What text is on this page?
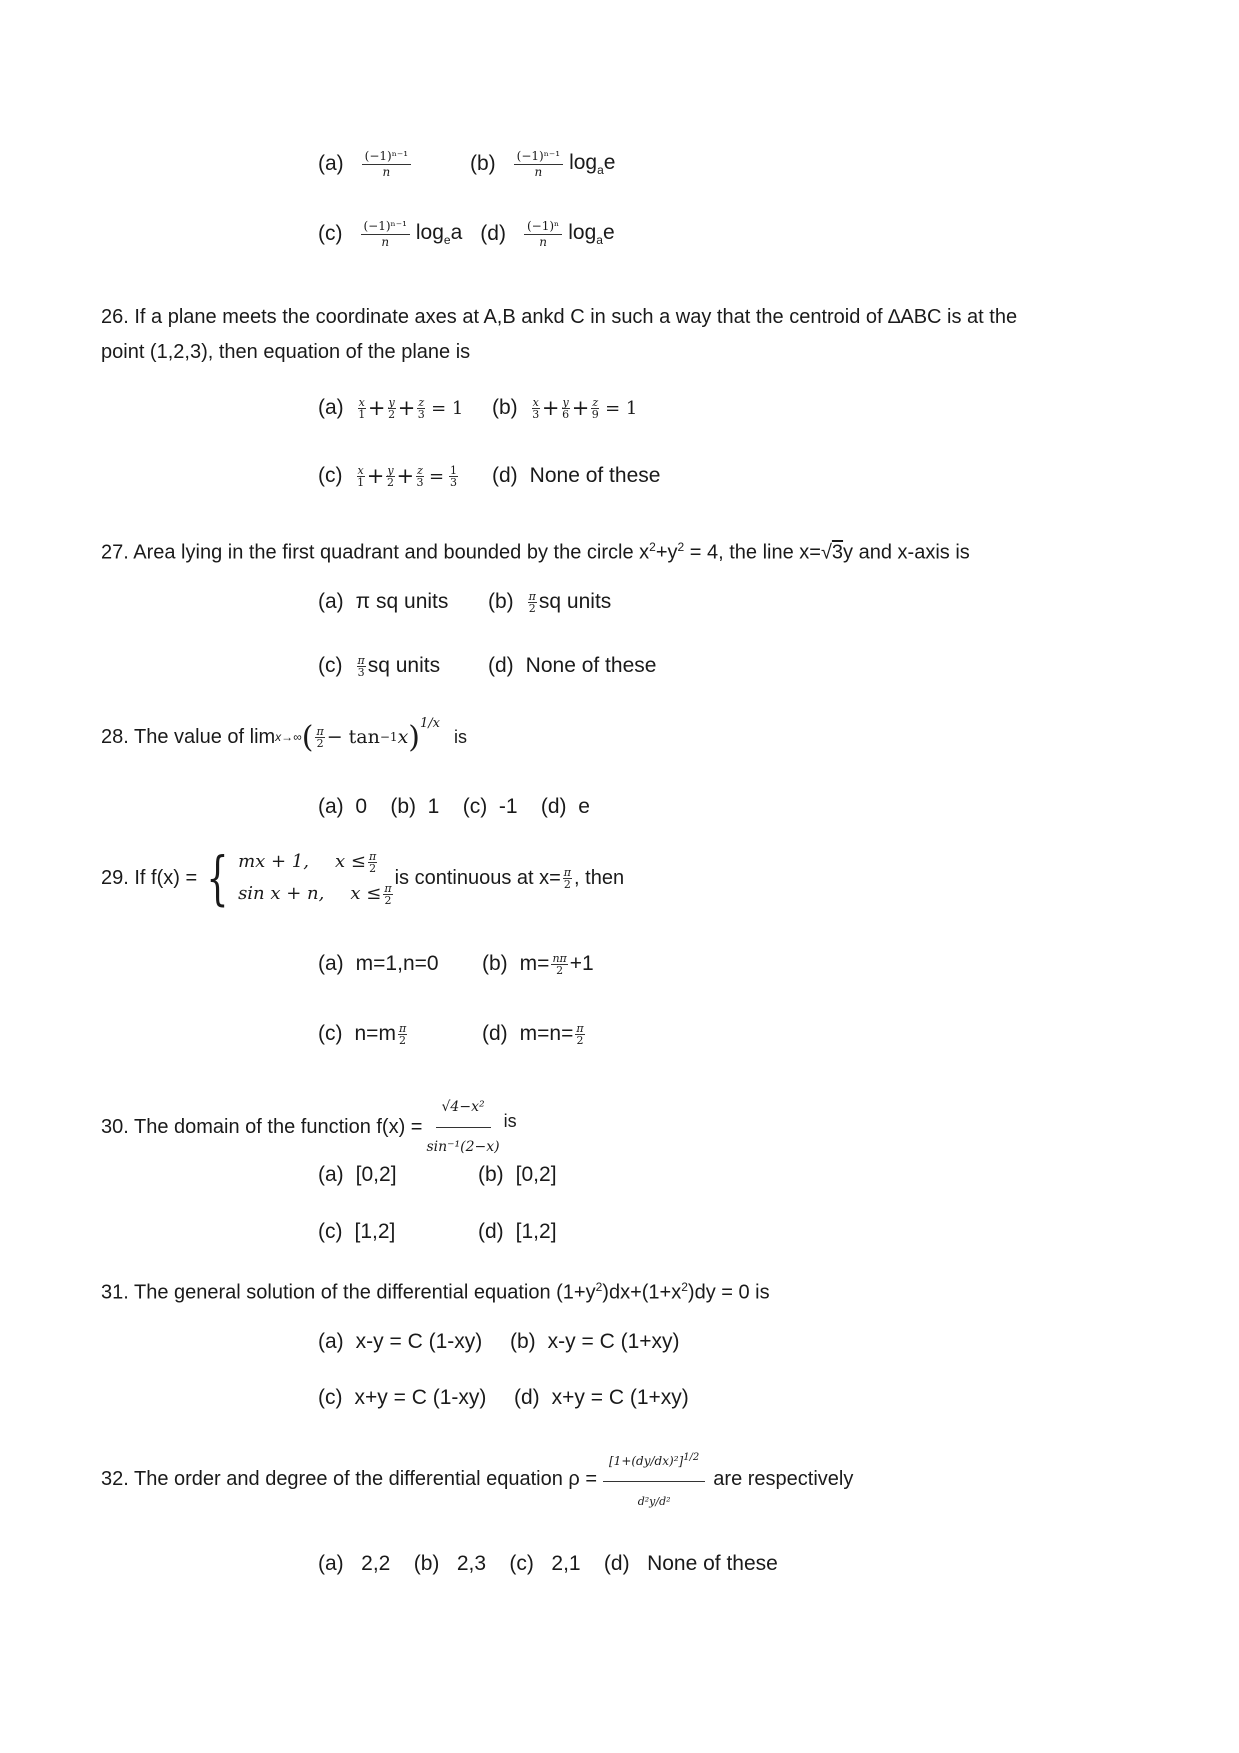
$(a) \frac{\text{(−1)ⁿ⁻¹}}{n}$	$(b) \frac{\text{(−1)ⁿ⁻¹}}{n} \log_ae$
$(c) \frac{\text{(−1)ⁿ⁻¹}}{n} \log_ea$ $(d) \frac{\text{(−1)ⁿ}}{n} \log_ae$
26. If a plane meets the coordinate axes at A,B ankd C in such a way that the centroid of ∆ABC is at the
point (1,2,3), then equation of the plane is
$(a) \frac{x}{1} + \frac{y}{2} + \frac{z}{3} = 1$ $(b) \frac{x}{3} + \frac{y}{6} + \frac{z}{9} = 1$
$(c) \frac{x}{1} + \frac{y}{2} + \frac{z}{3} = \frac{1}{3} (d)$ None of these
27. Area lying in the first quadrant and bounded by the circle $x^2+y^2 = 4$, the line x=√3y and x-axis is
(a) π sq units $(b) \frac{\pi}{2}$ sq units
$(c) \frac{\pi}{3}$ sq units (d) None of these
28. The value of lim x→∞ ( $\frac{\pi}{2} - \tan -1$ x )$^{1/x}$
is
(a)  0    (b)  1    (c)  -1    (d)  e
29. If f(x) = { mx + 1, $x \le \frac{\pi}{2}$
sin x + n, $x \le \frac{\pi}{2}$
is continuous at $x= \frac{\pi}{2}$ , then
(a) m=1,n=0 (b) $m= \frac{n\pi}{2} +1$
(c) $n=m \frac{\pi}{2}$	(d) $m=n= \frac{\pi}{2}$
30. The domain of the function $f(x) = \frac{\text{√4−x²}}{\text{sin⁻¹(2−x)}}$ is
(a) [0,2]	(b) [0,2]
(c) [1,2]	(d) [1,2]
31. The general solution of the differential equation $(1+y^2)dx+(1+x^2)dy = 0$ is
(a) x-y = C (1-xy) (b) x-y = C (1+xy)
(c) x+y = C (1-xy) (d) x+y = C (1+xy)
32. The order and degree of the differential equation $\rho = \frac{[1+(dy/dx)^2]^{1/2}}{\text{d²y/d²}}$ are respectively
(a)   2,2    (b)   2,3    (c)   2,1    (d)   None of these
